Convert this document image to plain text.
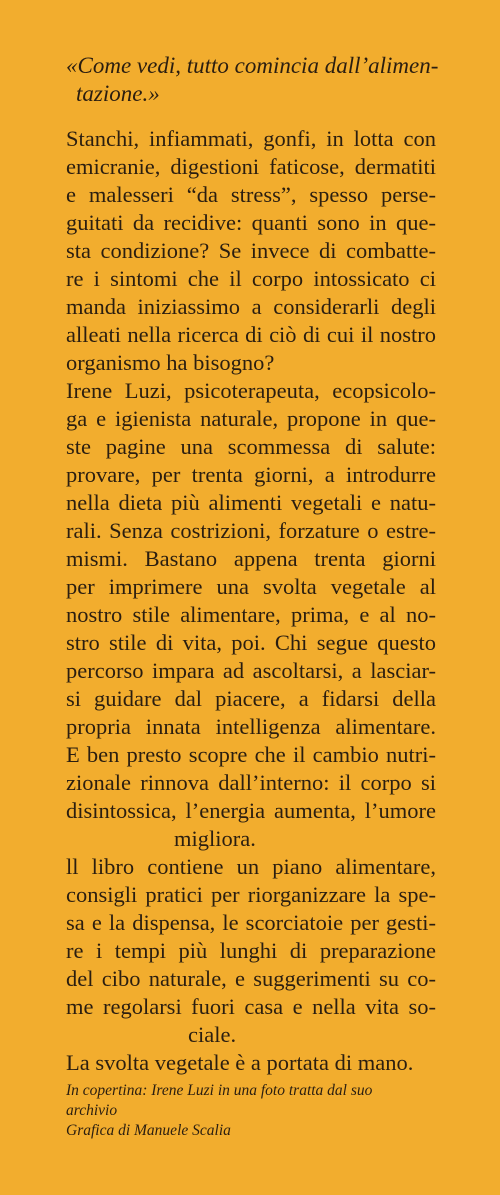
«Come vedi, tutto comincia dall’alimen-
tazione.»
Stanchi, infiammati, gonfi, in lotta con
emicranie, digestioni faticose, dermatiti
e malesseri “da stress”, spesso perse-
guitati da recidive: quanti sono in que-
sta condizione? Se invece di combatte-
re i sintomi che il corpo intossicato ci
manda iniziassimo a considerarli degli
alleati nella ricerca di ciò di cui il nostro
organismo ha bisogno?
Irene Luzi, psicoterapeuta, ecopsicolo-
ga e igienista naturale, propone in que-
ste pagine una scommessa di salute:
provare, per trenta giorni, a introdurre
nella dieta più alimenti vegetali e natu-
rali. Senza costrizioni, forzature o estre-
mismi. Bastano appena trenta giorni
per imprimere una svolta vegetale al
nostro stile alimentare, prima, e al no-
stro stile di vita, poi. Chi segue questo
percorso impara ad ascoltarsi, a lasciar-
si guidare dal piacere, a fidarsi della
propria innata intelligenza alimentare.
E ben presto scopre che il cambio nutri-
zionale rinnova dall’interno: il corpo si
disintossica, l’energia aumenta, l’umore
migliora.
ll libro contiene un piano alimentare,
consigli pratici per riorganizzare la spe-
sa e la dispensa, le scorciatoie per gesti-
re i tempi più lunghi di preparazione
del cibo naturale, e suggerimenti su co-
me regolarsi fuori casa e nella vita so-
ciale.
La svolta vegetale è a portata di mano.
In copertina: Irene Luzi in una foto tratta dal suo
archivio
Grafica di Manuele Scalia
